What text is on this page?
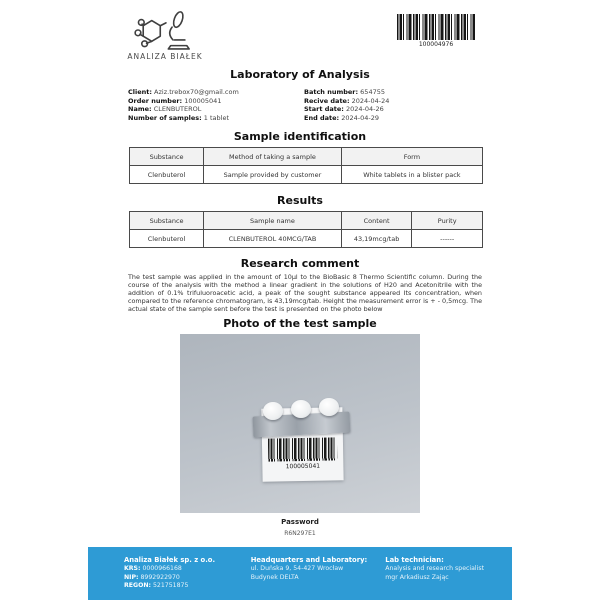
ANALIZA BIAŁEK
100004976
Laboratory of Analysis
Client: Aziz.trebox70@gmail.com
Order number: 100005041
Name: CLENBUTEROL
Number of samples: 1 tablet
Batch number: 654755
Recive date: 2024-04-24
Start date: 2024-04-26
End date: 2024-04-29
Sample identification
Substance	Method of taking a sample	Form
Clenbuterol	Sample provided by customer	White tablets in a blister pack
Results
Substance	Sample name	Content	Purity
Clenbuterol	CLENBUTEROL 40MCG/TAB	43,19mcg/tab	------
Research comment
The test sample was applied in the amount of 10µl to the BioBasic 8 Thermo Scientific column. During the course of the analysis with the method a linear gradient in the solutions of H20 and Acetonitrile with the addition of 0.1% trifuluoroacetic acid, a peak of the sought substance appeared Its concentration, when compared to the reference chromatogram, is 43,19mcg/tab. Height the measurement error is + - 0,5mcg. The actual state of the sample sent before the test is presented on the photo below
Photo of the test sample
100005041
Password
R6N297E1
Analiza Białek sp. z o.o.
KRS: 0000966168
NIP: 8992922970
REGON: 521751875
Headquarters and Laboratory:
ul. Duńska 9, 54-427 Wrocław
Budynek DELTA
Lab technician:
Analysis and research specialist
mgr Arkadiusz Zając
